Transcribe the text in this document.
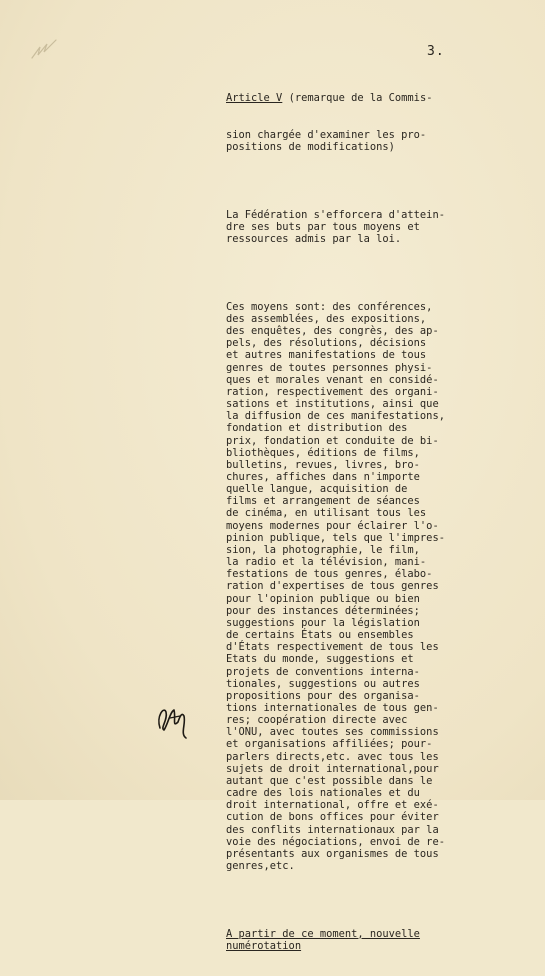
3.

Article V (remarque de la Commis-

sion chargée d'examiner les pro-
positions de modifications)

La Fédération s'efforcera d'attein-
dre ses buts par tous moyens et
ressources admis par la loi.

Ces moyens sont: des conférences,
des assemblées, des expositions,
des enquêtes, des congrès, des ap-
pels, des résolutions, décisions
et autres manifestations de tous
genres de toutes personnes physi-
ques et morales venant en considé-
ration, respectivement des organi-
sations et institutions, ainsi que
la diffusion de ces manifestations,
fondation et distribution des
prix, fondation et conduite de bi-
bliothèques, éditions de films,
bulletins, revues, livres, bro-
chures, affiches dans n'importe
quelle langue, acquisition de
films et arrangement de séances
de cinéma, en utilisant tous les
moyens modernes pour éclairer l'o-
pinion publique, tels que l'impres-
sion, la photographie, le film,
la radio et la télévision, mani-
festations de tous genres, élabo-
ration d'expertises de tous genres
pour l'opinion publique ou bien
pour des instances déterminées;
suggestions pour la législation
de certains États ou ensembles
d'États respectivement de tous les
Etats du monde, suggestions et
projets de conventions interna-
tionales, suggestions ou autres
propositions pour des organisa-
tions internationales de tous gen-
res; coopération directe avec
l'ONU, avec toutes ses commissions
et organisations affiliées; pour-
parlers directs,etc. avec tous les
sujets de droit international,pour
autant que c'est possible dans le
cadre des lois nationales et du
droit international, offre et exé-
cution de bons offices pour éviter
des conflits internationaux par la
voie des négociations, envoi de re-
présentants aux organismes de tous
genres,etc.

A partir de ce moment, nouvelle
numérotation
